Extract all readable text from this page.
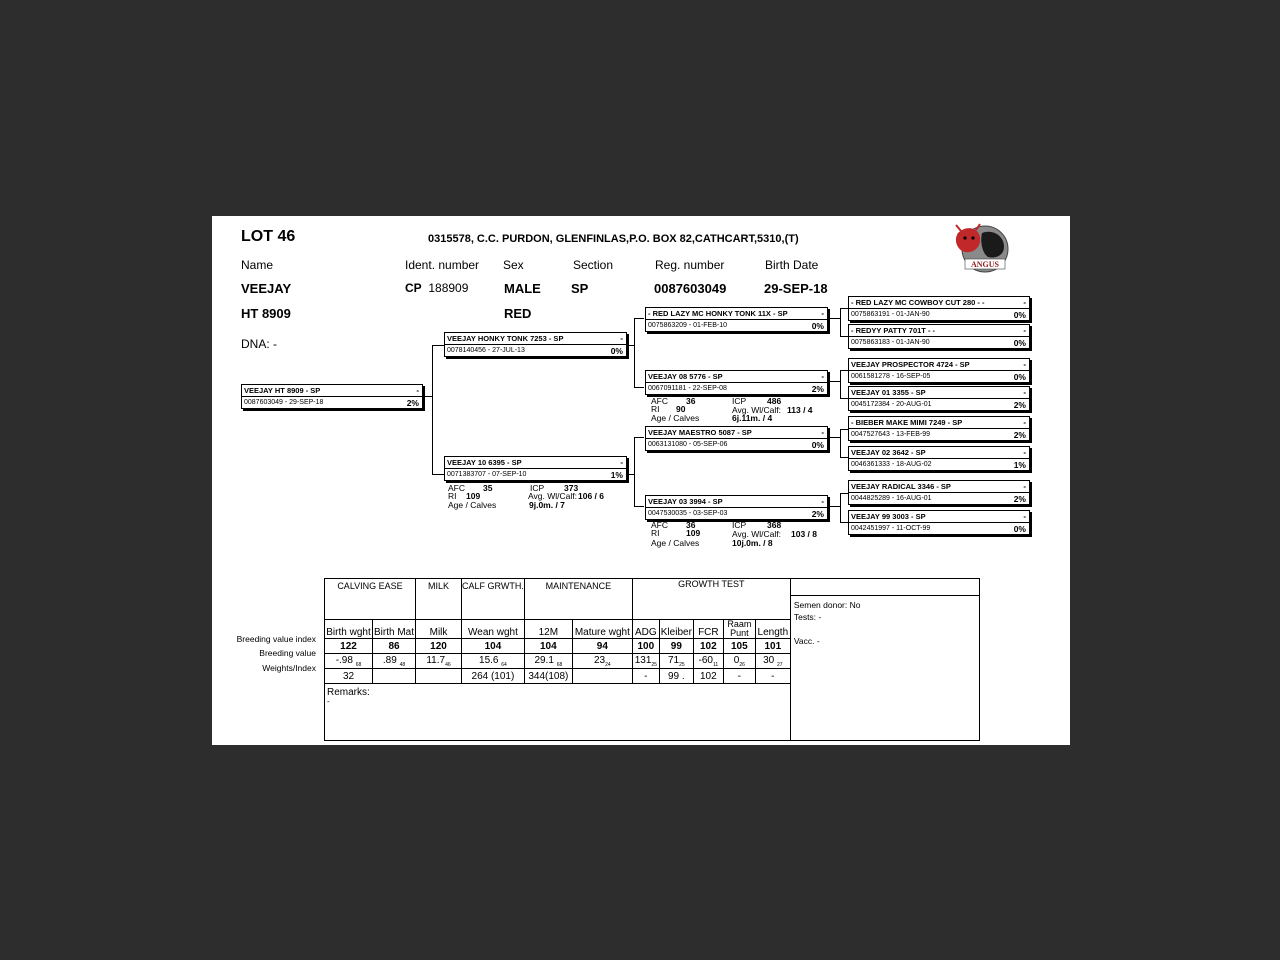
LOT 46	0315578, C.C. PURDON, GLENFINLAS,P.O. BOX 82,CATHCART,5310,(T)
ANGUS
Name	Ident. number Sex	Section	Reg. number	Birth Date
VEEJAY	CP 188909	MALE SP	0087603049	29-SEP-18
HT 8909	RED
DNA: -
VEEJAY HT 8909 - SP	-
0087603049 - 29-SEP-18	2%
VEEJAY HONKY TONK 7253 - SP	-
0078140456 - 27-JUL-13	0%
VEEJAY 10 6395 - SP	-
0071383707 - 07-SEP-10	1%
AFC 35	ICP 373
RI 109	Avg. Wl/Calf: 106 / 6
Age / Calves	9j.0m. / 7
- RED LAZY MC HONKY TONK 11X - SP	-
0075863209 - 01-FEB-10	0%
VEEJAY 08 5776 - SP	-
0067091181 - 22-SEP-08	2%
AFC 36	ICP 486
RI 90	Avg. Wl/Calf: 113 / 4
Age / Calves	6j.11m. / 4
VEEJAY MAESTRO 5087 - SP	-
0063131080 - 05-SEP-06	0%
VEEJAY 03 3994 - SP	-
0047530035 - 03-SEP-03	2%
AFC 36	ICP 368
RI	109	Avg. Wl/Calf: 103 / 8
Age / Calves	10j.0m. / 8
- RED LAZY MC COWBOY CUT 280 - -	-
0075863191 - 01-JAN-90	0%
- REDYY PATTY 701T - -	-
0075863183 - 01-JAN-90	0%
VEEJAY PROSPECTOR 4724 - SP	-
0061581278 - 16-SEP-05	0%
VEEJAY 01 3355 - SP	-
0045172384 - 20-AUG-01	2%
- BIEBER MAKE MIMI 7249 - SP	-
0047527643 - 13-FEB-99	2%
VEEJAY 02 3642 - SP	-
0046361333 - 18-AUG-02	1%
VEEJAY RADICAL 3346 - SP	-
0044825289 - 16-AUG-01	2%
VEEJAY 99 3003 - SP	-
0042451997 - 11-OCT-99	0%
Breeding value index
Breeding value
Weights/Index
CALVING EASE		MILK	CALF GRWTH.	MAINTENANCE		GROWTH TEST					

											Semen donor: No
Tests: -
Vacc. -

Birth wght	Birth Mat	Milk	Wean wght	12M	Mature wght	ADG	Kleiber	FCR	Raam Punt	Length	
122	86	120	104	104	94	100	99	102	105	101	
-.98 $_{68}$	.89 $_{48}$	$11.7_{46}$	15.6 $_{64}$	29.1 $_{68}$	$23_{24}$	$131_{25}$	$71_{25}$	$-60_{11}$	$0_{26}$	30 $_{27}$
32			264 (101)	344(108)		-	99 .	102	-	-	

Remarks:
-											
